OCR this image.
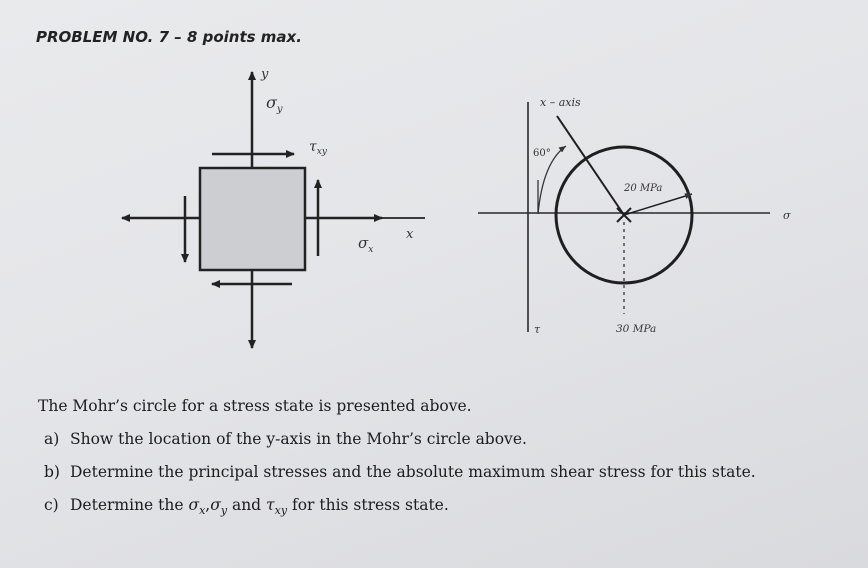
PROBLEM NO. 7 – 8 points max.
y
$\sigma_y$
$\tau_{xy}$
$\sigma_x$
x
τ
σ
x – axis
60°
20 MPa
30 MPa
The Mohr’s circle for a stress state is presented above.
a) Show the location of the y-axis in the Mohr’s circle above.
b) Determine the principal stresses and the absolute maximum shear stress for this state.
c) Determine the $\sigma_x,\sigma_y$ and $\tau_{xy}$ for this stress state.
